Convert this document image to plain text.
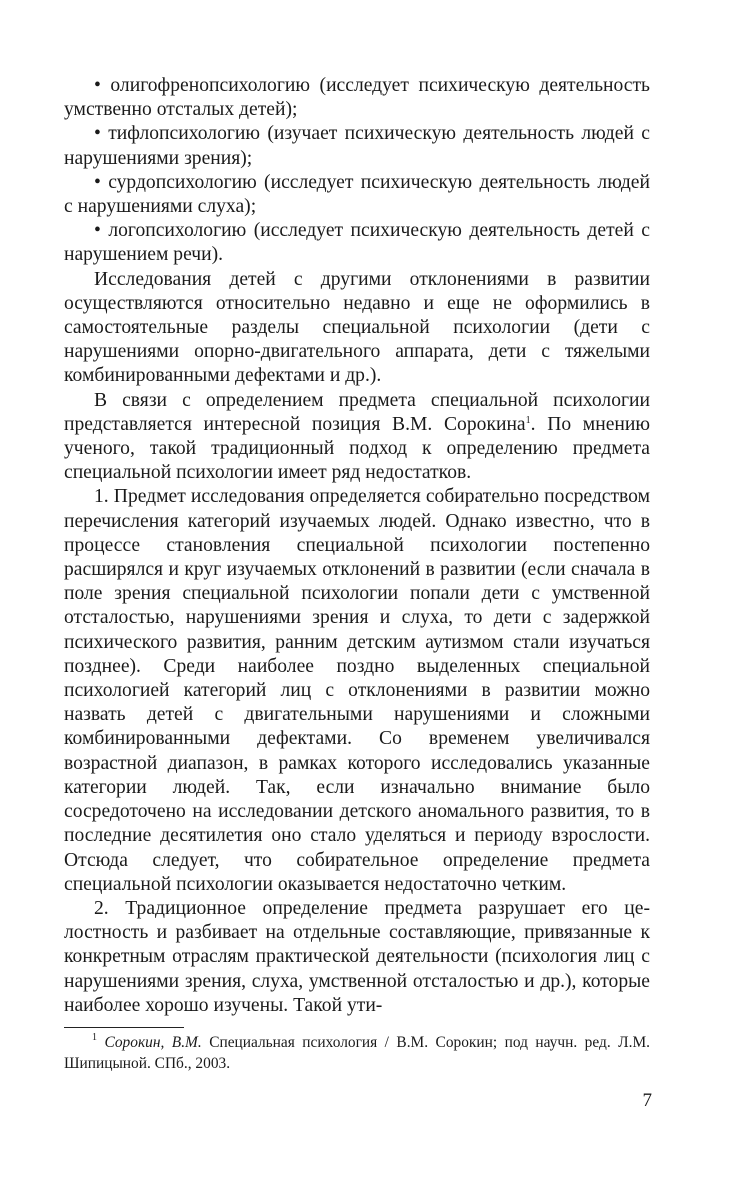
• олигофренопсихологию (исследует психическую деятельность умственно отсталых детей);

• тифлопсихологию (изучает психическую деятельность людей с нарушениями зрения);

• сурдопсихологию (исследует психическую деятельность людей с нарушениями слуха);

• логопсихологию (исследует психическую деятельность детей с нарушением речи).

Исследования детей с другими отклонениями в развитии осуществляются относительно недавно и еще не оформились в самостоятельные разделы специальной психологии (дети с нарушениями опорно-двигательного аппарата, дети с тяжелыми комбинированными дефектами и др.).

В связи с определением предмета специальной психологии представляется интересной позиция В.М. Сорокина$^1$. По мнению ученого, такой традиционный подход к определению предмета специальной психологии имеет ряд недостатков.

1. Предмет исследования определяется собирательно посредством перечисления категорий изучаемых людей. Однако известно, что в процессе становления специальной психологии постепенно расширялся и круг изучаемых отклонений в развитии (если сначала в поле зрения специальной психологии попали дети с умственной отсталостью, нарушениями зрения и слуха, то дети с задержкой психического развития, ранним детским аутизмом стали изучаться позднее). Среди наиболее поздно выделенных специальной психологией категорий лиц с отклонениями в развитии можно назвать детей с двигательными нарушениями и сложными комбинированными дефектами. Со временем увеличивался возрастной диапазон, в рамках которого исследовались указанные категории людей. Так, если изначально внимание было сосредоточено на исследовании детского аномального развития, то в последние десятилетия оно стало уделяться и периоду взрослости. Отсюда следует, что собирательное определение предмета специальной психологии оказывается недостаточно четким.

2. Традиционное определение предмета разрушает его целостность и разбивает на отдельные составляющие, привязанные к конкретным отраслям практической деятельности (психология лиц с нарушениями зрения, слуха, умственной отсталостью и др.), которые наиболее хорошо изучены. Такой ути-

$^1$ Сорокин, В.М. Специальная психология / В.М. Сорокин; под научн. ред. Л.М. Шипицыной. СПб., 2003.

7
